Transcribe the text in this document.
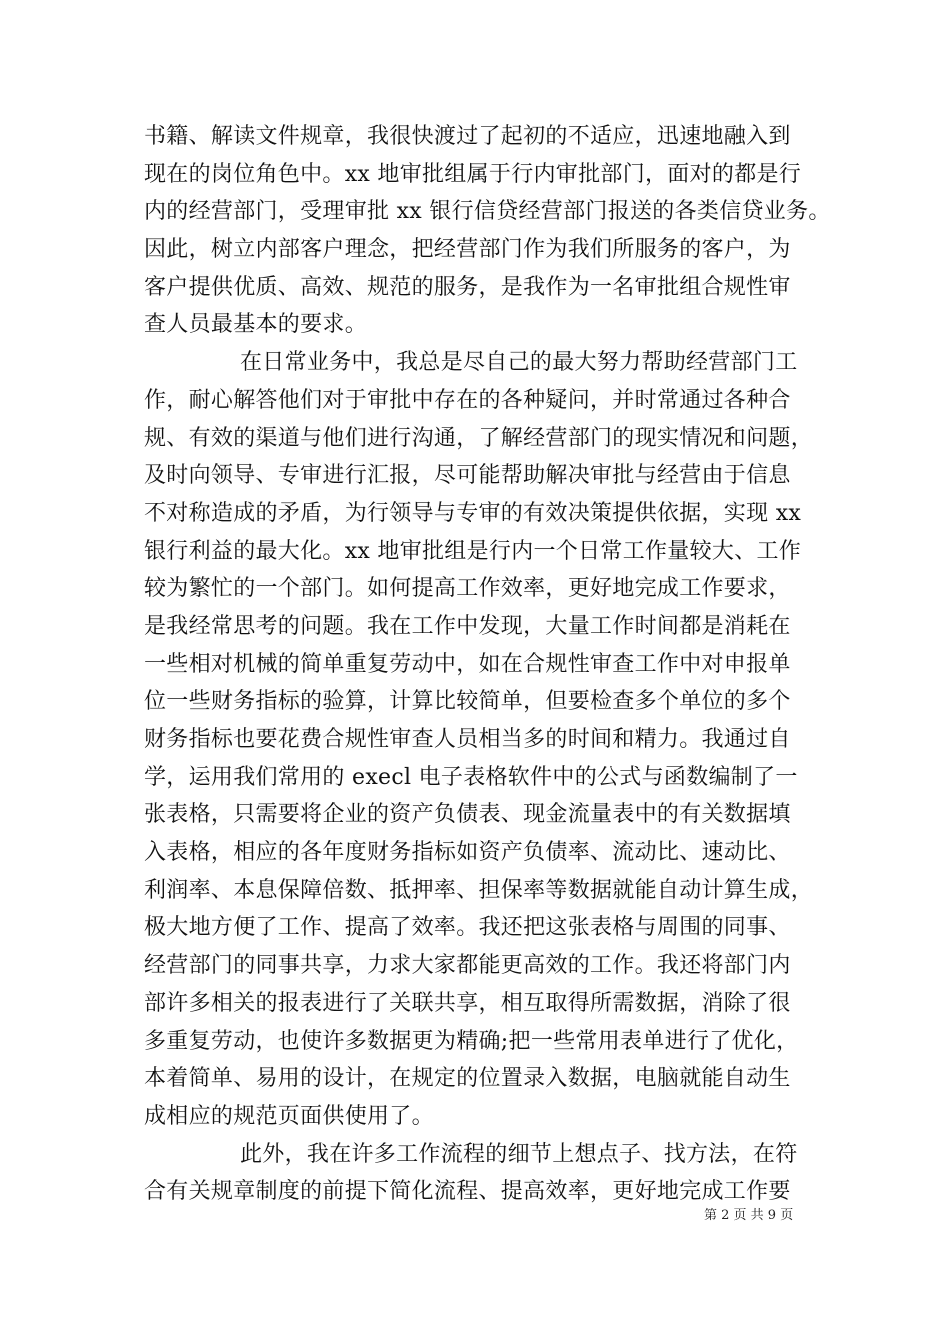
书籍、解读文件规章，我很快渡过了起初的不适应，迅速地融入到
现在的岗位角色中。xx 地审批组属于行内审批部门，面对的都是行
内的经营部门，受理审批 xx 银行信贷经营部门报送的各类信贷业务。
因此，树立内部客户理念，把经营部门作为我们所服务的客户，为
客户提供优质、高效、规范的服务，是我作为一名审批组合规性审
查人员最基本的要求。
在日常业务中，我总是尽自己的最大努力帮助经营部门工
作，耐心解答他们对于审批中存在的各种疑问，并时常通过各种合
规、有效的渠道与他们进行沟通，了解经营部门的现实情况和问题，
及时向领导、专审进行汇报，尽可能帮助解决审批与经营由于信息
不对称造成的矛盾，为行领导与专审的有效决策提供依据，实现 xx
银行利益的最大化。xx 地审批组是行内一个日常工作量较大、工作
较为繁忙的一个部门。如何提高工作效率，更好地完成工作要求，
是我经常思考的问题。我在工作中发现，大量工作时间都是消耗在
一些相对机械的简单重复劳动中，如在合规性审查工作中对申报单
位一些财务指标的验算，计算比较简单，但要检查多个单位的多个
财务指标也要花费合规性审查人员相当多的时间和精力。我通过自
学，运用我们常用的 execl 电子表格软件中的公式与函数编制了一
张表格，只需要将企业的资产负债表、现金流量表中的有关数据填
入表格，相应的各年度财务指标如资产负债率、流动比、速动比、
利润率、本息保障倍数、抵押率、担保率等数据就能自动计算生成，
极大地方便了工作、提高了效率。我还把这张表格与周围的同事、
经营部门的同事共享，力求大家都能更高效的工作。我还将部门内
部许多相关的报表进行了关联共享，相互取得所需数据，消除了很
多重复劳动，也使许多数据更为精确;把一些常用表单进行了优化，
本着简单、易用的设计，在规定的位置录入数据，电脑就能自动生
成相应的规范页面供使用了。
此外，我在许多工作流程的细节上想点子、找方法，在符
合有关规章制度的前提下简化流程、提高效率，更好地完成工作要
第 2 页 共 9 页
